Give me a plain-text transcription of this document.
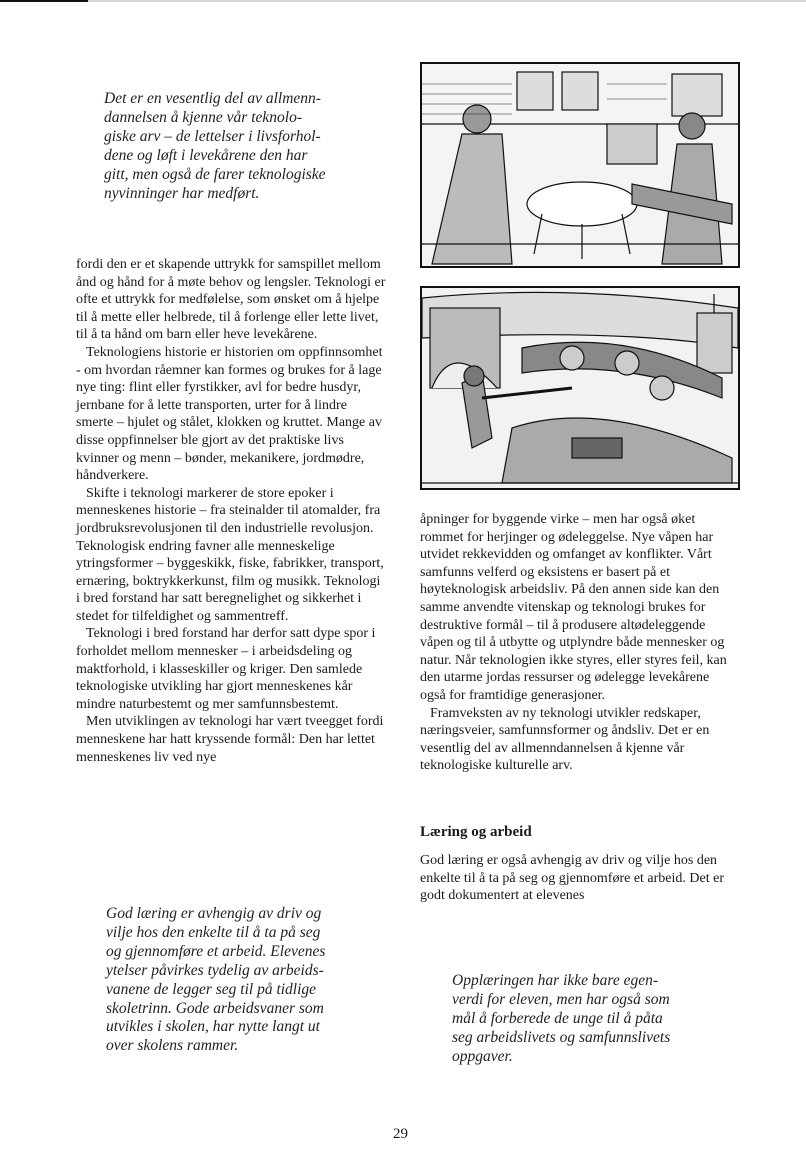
Det er en vesentlig del av allmenn-
dannelsen å kjenne vår teknolo-
giske arv – de lettelser i livsforhol-
dene og løft i levekårene den har
gitt, men også de farer teknologiske
nyvinninger har medført.

fordi den er et skapende uttrykk for samspillet mellom ånd og hånd for å møte behov og lengsler. Teknologi er ofte et uttrykk for medfølelse, som ønsket om å hjelpe til å mette eller helbrede, til å forlenge eller lette livet, til å ta hånd om barn eller heve levekårene.

Teknologiens historie er historien om oppfinnsomhet - om hvordan råemner kan formes og brukes for å lage nye ting: flint eller fyrstikker, avl for bedre husdyr, jernbane for å lette transporten, urter for å lindre smerte – hjulet og stålet, klokken og kruttet. Mange av disse oppfinnelser ble gjort av det praktiske livs kvinner og menn – bønder, mekanikere, jordmødre, håndverkere.

Skifte i teknologi markerer de store epoker i menneskenes historie – fra steinalder til atomalder, fra jordbruksrevolusjonen til den industrielle revolusjon. Teknologisk endring favner alle menneskelige ytringsformer – byggeskikk, fiske, fabrikker, transport, ernæring, boktrykkerkunst, film og musikk. Teknologi i bred forstand har satt beregnelighet og sikkerhet i stedet for tilfeldighet og sammentreff.

Teknologi i bred forstand har derfor satt dype spor i forholdet mellom mennesker – i arbeidsdeling og maktforhold, i klasseskiller og kriger. Den samlede teknologiske utvikling har gjort menneskenes kår mindre naturbestemt og mer samfunnsbestemt.

Men utviklingen av teknologi har vært tveegget fordi menneskene har hatt kryssende formål: Den har lettet menneskenes liv ved nye

åpninger for byggende virke – men har også øket rommet for herjinger og ødeleggelse. Nye våpen har utvidet rekkevidden og omfanget av konflikter. Vårt samfunns velferd og eksistens er basert på et høyteknologisk arbeidsliv. På den annen side kan den samme anvendte vitenskap og teknologi brukes for destruktive formål – til å produsere altødeleggende våpen og til å utbytte og utplyndre både mennesker og natur. Når teknologien ikke styres, eller styres feil, kan den utarme jordas ressurser og ødelegge levekårene også for framtidige generasjoner.

Framveksten av ny teknologi utvikler redskaper, næringsveier, samfunnsformer og åndsliv. Det er en vesentlig del av allmenndannelsen å kjenne vår teknologiske kulturelle arv.

Læring og arbeid

God læring er også avhengig av driv og vilje hos den enkelte til å ta på seg og gjennomføre et arbeid. Det er godt dokumentert at elevenes

God læring er avhengig av driv og
vilje hos den enkelte til å ta på seg
og gjennomføre et arbeid. Elevenes
ytelser påvirkes tydelig av arbeids-
vanene de legger seg til på tidlige
skoletrinn. Gode arbeidsvaner som
utvikles i skolen, har nytte langt ut
over skolens rammer.
Opplæringen har ikke bare egen-
verdi for eleven, men har også som
mål å forberede de unge til å påta
seg arbeidslivets og samfunnslivets
oppgaver.
29
